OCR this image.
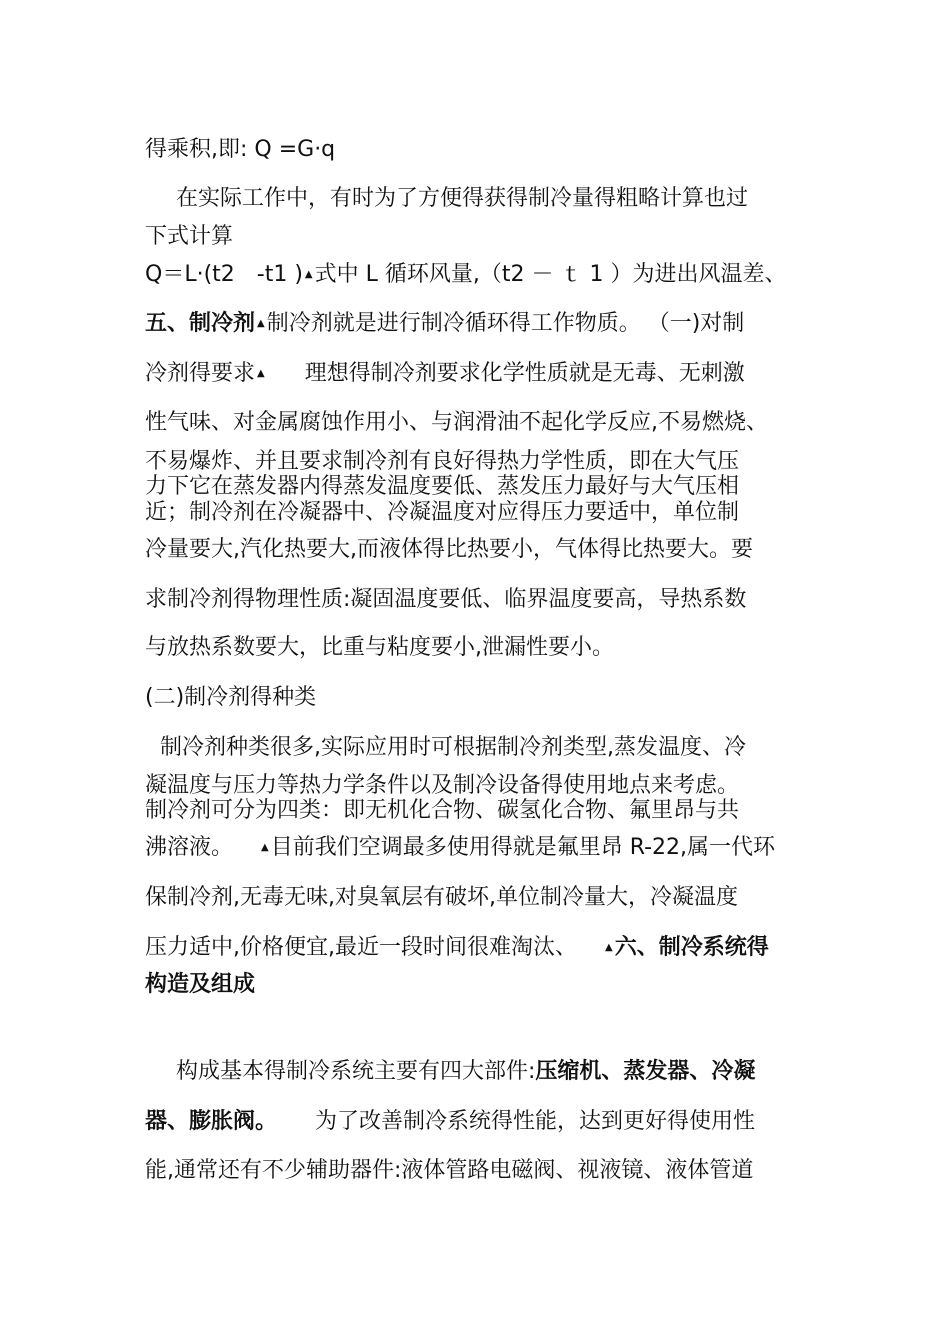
得乘积,即: Q =G·q
在实际工作中，有时为了方便得获得制冷量得粗略计算也过
下式计算
Q＝L·(t2　-t1 ) ▲式中 L 循环风量,（t2 － ｔ 1 ）为进出风温差、
五、制冷剂 ▲制冷剂就是进行制冷循环得工作物质。 （一)对制
冷剂得要求 ▲ 理想得制冷剂要求化学性质就是无毒、无刺激
性气味、对金属腐蚀作用小、与润滑油不起化学反应,不易燃烧、
不易爆炸、并且要求制冷剂有良好得热力学性质，即在大气压
力下它在蒸发器内得蒸发温度要低、蒸发压力最好与大气压相
近；制冷剂在冷凝器中、冷凝温度对应得压力要适中，单位制
冷量要大,汽化热要大,而液体得比热要小，气体得比热要大。要
求制冷剂得物理性质:凝固温度要低、临界温度要高，导热系数
与放热系数要大，比重与粘度要小,泄漏性要小。
(二)制冷剂得种类
制冷剂种类很多,实际应用时可根据制冷剂类型,蒸发温度、冷
凝温度与压力等热力学条件以及制冷设备得使用地点来考虑。
制冷剂可分为四类：即无机化合物、碳氢化合物、氟里昂与共
沸溶液。	▲目前我们空调最多使用得就是氟里昂 R-22,属一代环
保制冷剂,无毒无味,对臭氧层有破坏,单位制冷量大，冷凝温度
压力适中,价格便宜,最近一段时间很难淘汰、	▲六、制冷系统得
构造及组成
构成基本得制冷系统主要有四大部件:压缩机、蒸发器、冷凝
器、膨胀阀。 为了改善制冷系统得性能，达到更好得使用性
能,通常还有不少辅助器件:液体管路电磁阀、视液镜、液体管道
